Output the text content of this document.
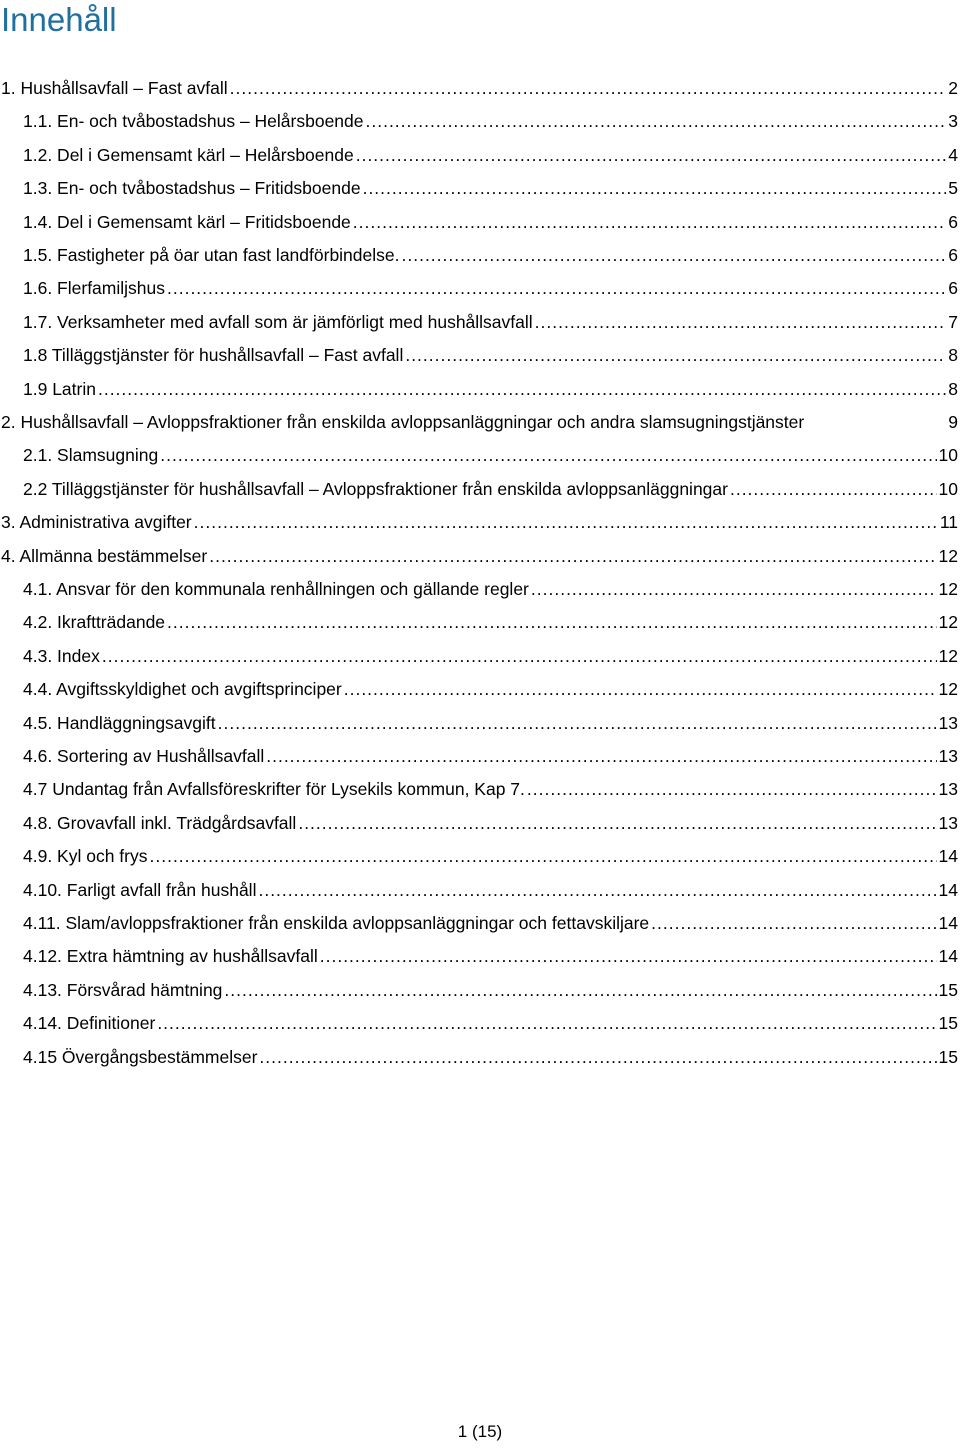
Innehåll
1. Hushållsavfall – Fast avfall .....	2
1.1. En- och tvåbostadshus – Helårsboende .....	3
1.2. Del i Gemensamt kärl – Helårsboende .....	4
1.3. En- och tvåbostadshus – Fritidsboende .....	5
1.4. Del i Gemensamt kärl – Fritidsboende .....	6
1.5. Fastigheter på öar utan fast landförbindelse. .....	6
1.6. Flerfamiljshus .....	6
1.7. Verksamheter med avfall som är jämförligt med hushållsavfall .....	7
1.8 Tilläggstjänster för hushållsavfall – Fast avfall .....	8
1.9 Latrin .....	8
2. Hushållsavfall – Avloppsfraktioner från enskilda avloppsanläggningar och andra slamsugningstjänster	9
2.1. Slamsugning .....	10
2.2 Tilläggstjänster för hushållsavfall – Avloppsfraktioner från enskilda avloppsanläggningar .....	10
3. Administrativa avgifter .....	11
4. Allmänna bestämmelser .....	12
4.1. Ansvar för den kommunala renhållningen och gällande regler .....	12
4.2. Ikraftträdande .....	12
4.3. Index .....	12
4.4. Avgiftsskyldighet och avgiftsprinciper .....	12
4.5. Handläggningsavgift .....	13
4.6. Sortering av Hushållsavfall .....	13
4.7 Undantag från Avfallsföreskrifter för Lysekils kommun, Kap 7. .....	13
4.8. Grovavfall inkl. Trädgårdsavfall .....	13
4.9. Kyl och frys .....	14
4.10. Farligt avfall från hushåll .....	14
4.11. Slam/avloppsfraktioner från enskilda avloppsanläggningar och fettavskiljare .....	14
4.12. Extra hämtning av hushållsavfall .....	14
4.13. Försvårad hämtning .....	15
4.14. Definitioner .....	15
4.15 Övergångsbestämmelser .....	15
1 (15)
